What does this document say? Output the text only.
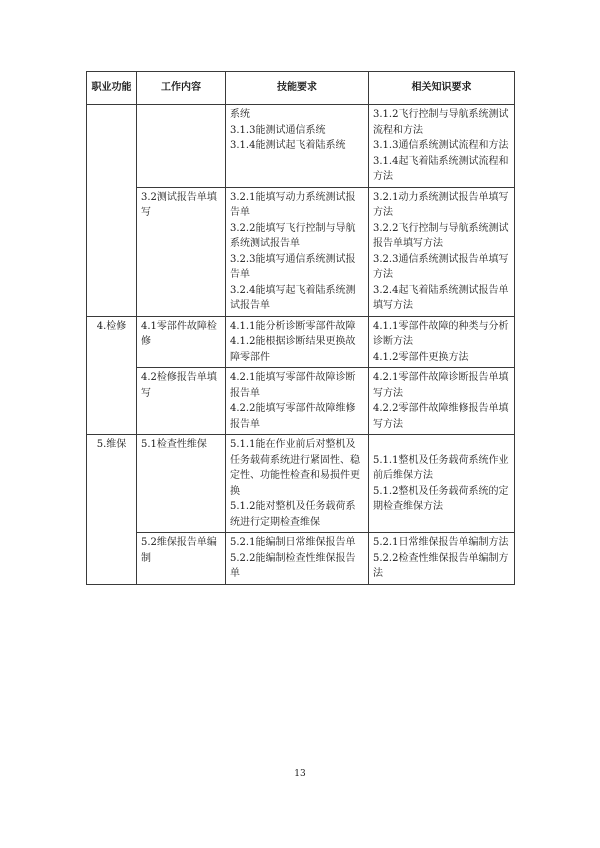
职业功能	工作内容	技能要求	相关知识要求

		系统
3.1.3能测试通信系统
3.1.4能测试起飞着陆系统	3.1.2飞行控制与导航系统测试流程和方法
3.1.3通信系统测试流程和方法
3.1.4起飞着陆系统测试流程和方法

	3.2测试报告单填写	3.2.1能填写动力系统测试报告单
3.2.2能填写飞行控制与导航系统测试报告单
3.2.3能填写通信系统测试报告单
3.2.4能填写起飞着陆系统测试报告单	3.2.1动力系统测试报告单填写方法
3.2.2飞行控制与导航系统测试报告单填写方法
3.2.3通信系统测试报告单填写方法
3.2.4起飞着陆系统测试报告单填写方法

4.检修	4.1零部件故障检修	4.1.1能分析诊断零部件故障
4.1.2能根据诊断结果更换故障零部件	4.1.1零部件故障的种类与分析诊断方法
4.1.2零部件更换方法

	4.2检修报告单填写	4.2.1能填写零部件故障诊断报告单
4.2.2能填写零部件故障维修报告单	4.2.1零部件故障诊断报告单填写方法
4.2.2零部件故障维修报告单填写方法

5.维保	5.1检查性维保	5.1.1能在作业前后对整机及任务载荷系统进行紧固性、稳定性、功能性检查和易损件更换
5.1.2能对整机及任务载荷系统进行定期检查维保	5.1.1整机及任务载荷系统作业前后维保方法
5.1.2整机及任务载荷系统的定期检查维保方法

	5.2维保报告单编制	5.2.1能编制日常维保报告单
5.2.2能编制检查性维保报告单	5.2.1日常维保报告单编制方法
5.2.2检查性维保报告单编制方法
13
